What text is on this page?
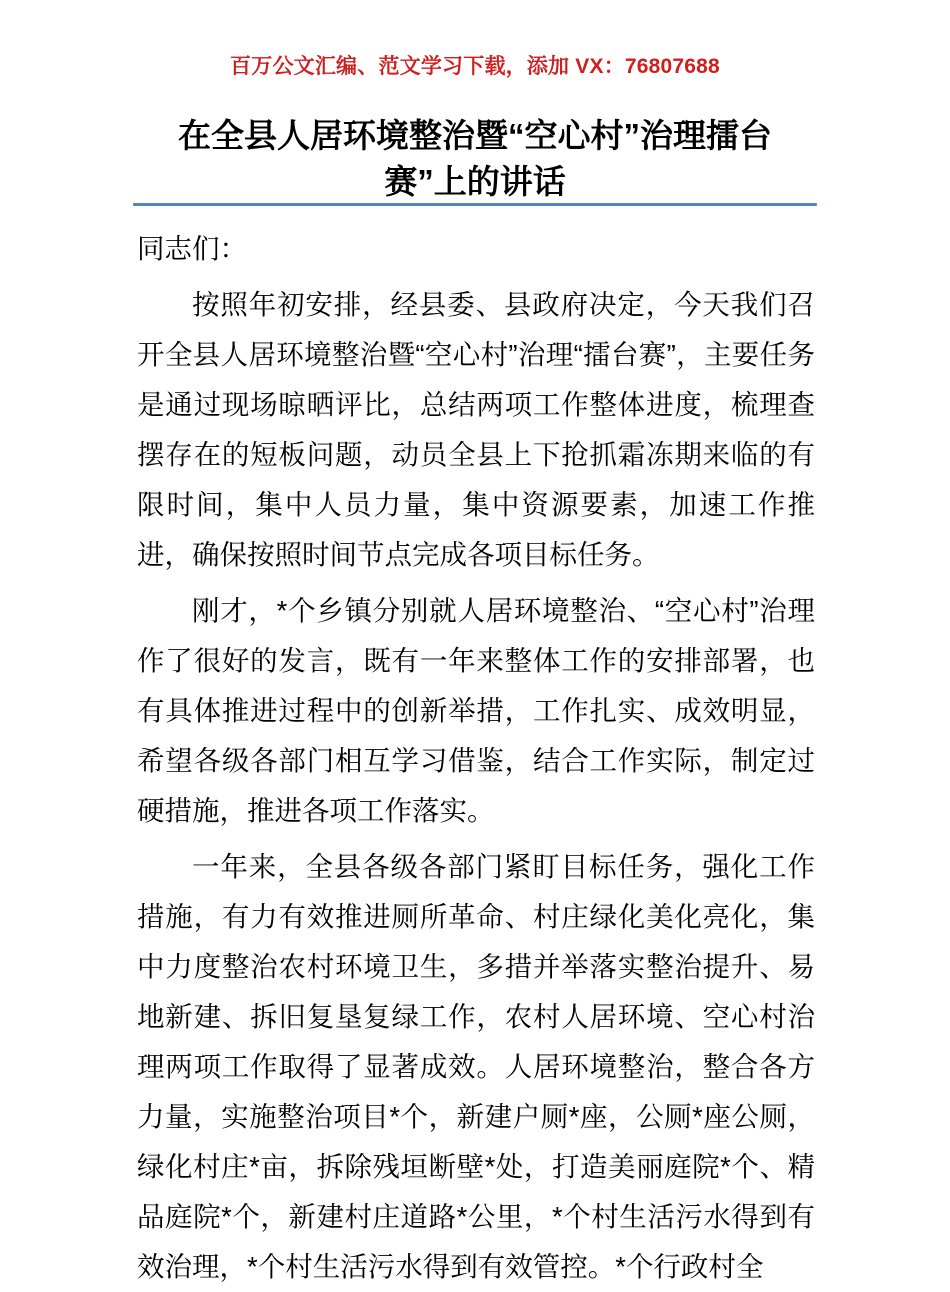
百万公文汇编、范文学习下载，添加 VX：76807688
在全县人居环境整治暨“空心村”治理擂台赛”上的讲话

同志们：

按照年初安排，经县委、县政府决定，今天我们召开全县人居环境整治暨“空心村”治理“擂台赛”，主要任务是通过现场晾晒评比，总结两项工作整体进度，梳理查摆存在的短板问题，动员全县上下抢抓霜冻期来临的有限时间，集中人员力量，集中资源要素，加速工作推进，确保按照时间节点完成各项目标任务。

刚才，*个乡镇分别就人居环境整治、“空心村”治理作了很好的发言，既有一年来整体工作的安排部署，也有具体推进过程中的创新举措，工作扎实、成效明显，希望各级各部门相互学习借鉴，结合工作实际，制定过硬措施，推进各项工作落实。

一年来，全县各级各部门紧盯目标任务，强化工作措施，有力有效推进厕所革命、村庄绿化美化亮化，集中力度整治农村环境卫生，多措并举落实整治提升、易地新建、拆旧复垦复绿工作，农村人居环境、空心村治理两项工作取得了显著成效。人居环境整治，整合各方力量，实施整治项目*个，新建户厕*座，公厕*座公厕，绿化村庄*亩，拆除残垣断壁*处，打造美丽庭院*个、精品庭院*个，新建村庄道路*公里，*个村生活污水得到有效治理，*个村生活污水得到有效管控。*个行政村全
